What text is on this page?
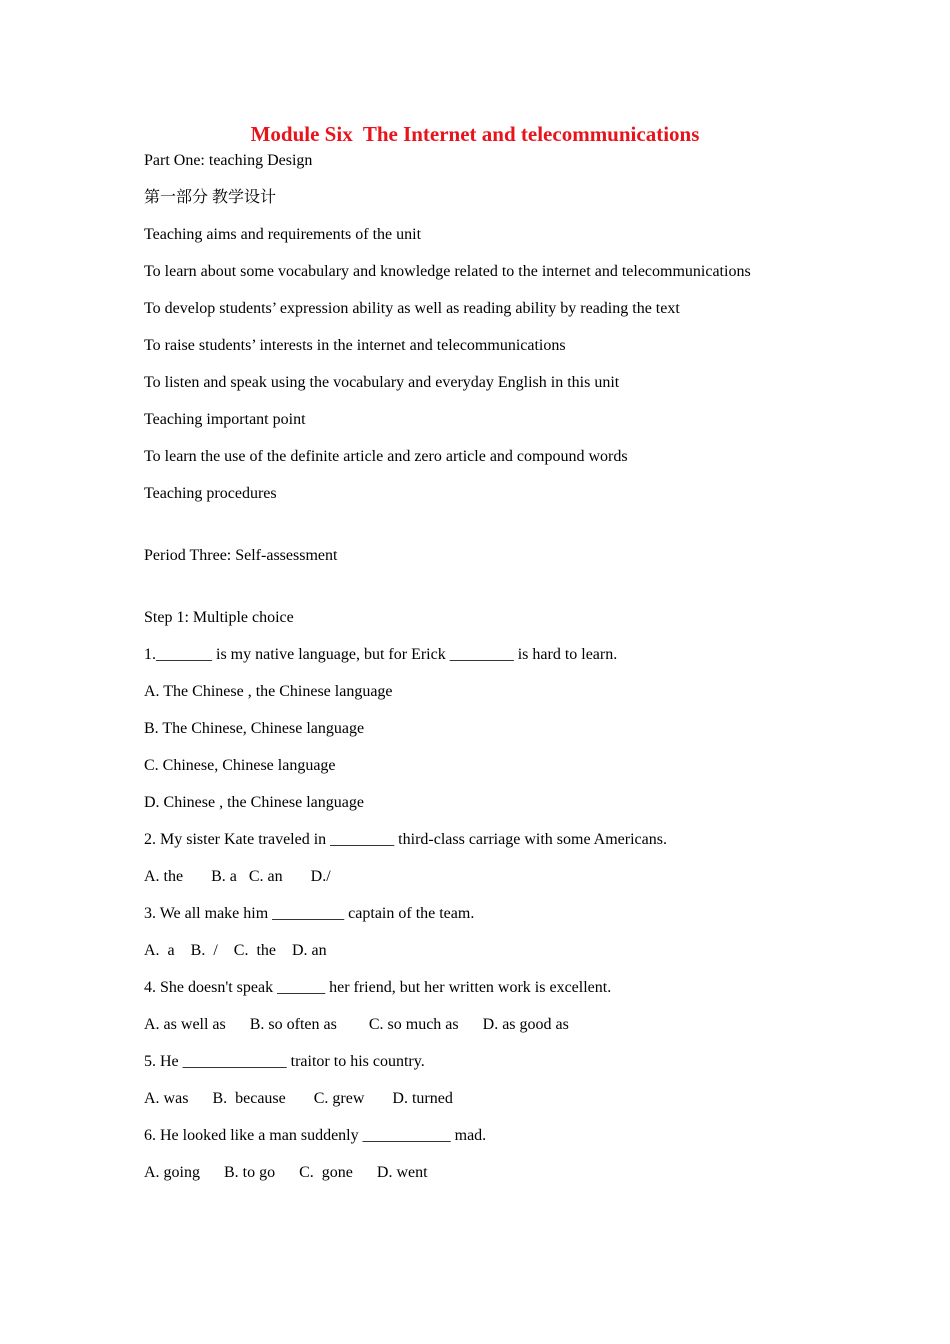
Module Six  The Internet and telecommunications
Part One: teaching Design
第一部分 教学设计
Teaching aims and requirements of the unit
To learn about some vocabulary and knowledge related to the internet and telecommunications
To develop students’ expression ability as well as reading ability by reading the text
To raise students’ interests in the internet and telecommunications
To listen and speak using the vocabulary and everyday English in this unit
Teaching important point
To learn the use of the definite article and zero article and compound words
Teaching procedures
Period Three: Self-assessment
Step 1: Multiple choice
1._______ is my native language, but for Erick ________ is hard to learn.
A. The Chinese , the Chinese language
B. The Chinese, Chinese language
C. Chinese, Chinese language
D. Chinese , the Chinese language
2. My sister Kate traveled in ________ third-class carriage with some Americans.
A. the       B. a   C. an       D./
3. We all make him _________ captain of the team.
A.  a    B.  /    C.  the    D. an
4. She doesn't speak ______ her friend, but her written work is excellent.
A. as well as      B. so often as        C. so much as      D. as good as
5. He _____________ traitor to his country.
A. was      B.  because       C. grew       D. turned
6. He looked like a man suddenly ___________ mad.
A. going      B. to go      C.  gone      D. went
